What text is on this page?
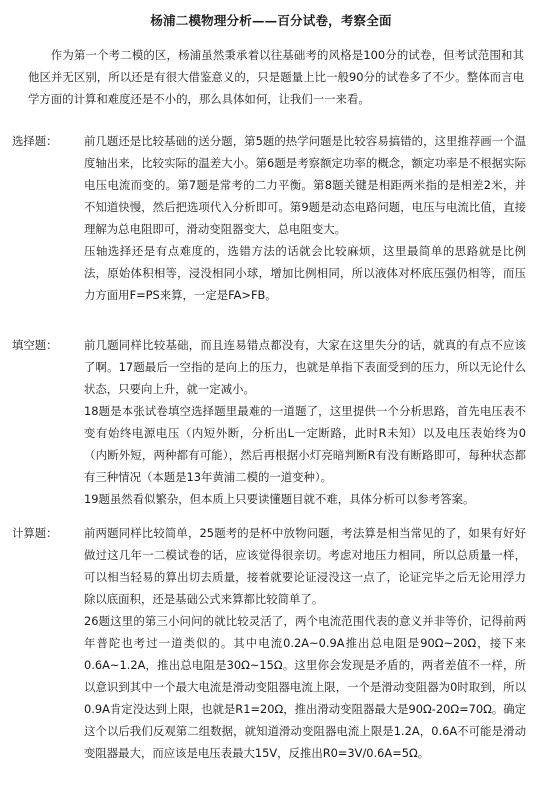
杨浦二模物理分析——百分试卷，考察全面

作为第一个考二模的区，杨浦虽然秉承着以往基础考的风格是100分的试卷，但考试范围和其他区并无区别，所以还是有很大借鉴意义的，只是题量上比一般90分的试卷多了不少。整体而言电学方面的计算和难度还是不小的，那么具体如何，让我们一一来看。

选择题： 前几题还是比较基础的送分题，第5题的热学问题是比较容易搞错的，这里推荐画一个温度轴出来，比较实际的温差大小。第6题是考察额定功率的概念，额定功率是不根据实际电压电流而变的。第7题是常考的二力平衡。第8题关键是相距两米指的是相差2米，并不知道快慢，然后把选项代入分析即可。第9题是动态电路问题，电压与电流比值，直接理解为总电阻即可，滑动变阻器变大，总电阻变大。

压轴选择还是有点难度的，选错方法的话就会比较麻烦，这里最简单的思路就是比例法，原始体积相等，浸没相同小球，增加比例相同，所以液体对杯底压强仍相等，而压力方面用F=PS来算，一定是FA>FB。

填空题： 前几题同样比较基础，而且连易错点都没有，大家在这里失分的话，就真的有点不应该了啊。17题最后一空指的是向上的压力，也就是单指下表面受到的压力，所以无论什么状态，只要向上升，就一定减小。

18题是本张试卷填空选择题里最难的一道题了，这里提供一个分析思路，首先电压表不变有始终电源电压（内短外断，分析出L一定断路，此时R未知）以及电压表始终为0（内断外短，两种都有可能），然后再根据小灯亮暗判断R有没有断路即可，每种状态都有三种情况（本题是13年黄浦二模的一道变种）。

19题虽然看似繁杂，但本质上只要读懂题目就不难，具体分析可以参考答案。

计算题： 前两题同样比较简单，25题考的是杯中放物问题，考法算是相当常见的了，如果有好好做过这几年一二模试卷的话，应该觉得很亲切。考虑对地压力相同，所以总质量一样，可以相当轻易的算出切去质量，接着就要论证浸没这一点了，论证完毕之后无论用浮力除以底面积，还是基础公式来算都比较简单了。

26题这里的第三小问问的就比较灵活了，两个电流范围代表的意义并非等价，记得前两年普陀也考过一道类似的。其中电流0.2A~0.9A推出总电阻是90Ω~20Ω，接下来0.6A~1.2A，推出总电阻是30Ω~15Ω。这里你会发现是矛盾的，两者差值不一样，所以意识到其中一个最大电流是滑动变阻器电流上限，一个是滑动变阻器为0时取到，所以0.9A肯定没达到上限，也就是R1=20Ω，推出滑动变阻器最大是90Ω-20Ω=70Ω。确定这个以后我们反观第二组数据，就知道滑动变阻器电流上限是1.2A，0.6A不可能是滑动变阻器最大，而应该是电压表最大15V，反推出R0=3V/0.6A=5Ω。
